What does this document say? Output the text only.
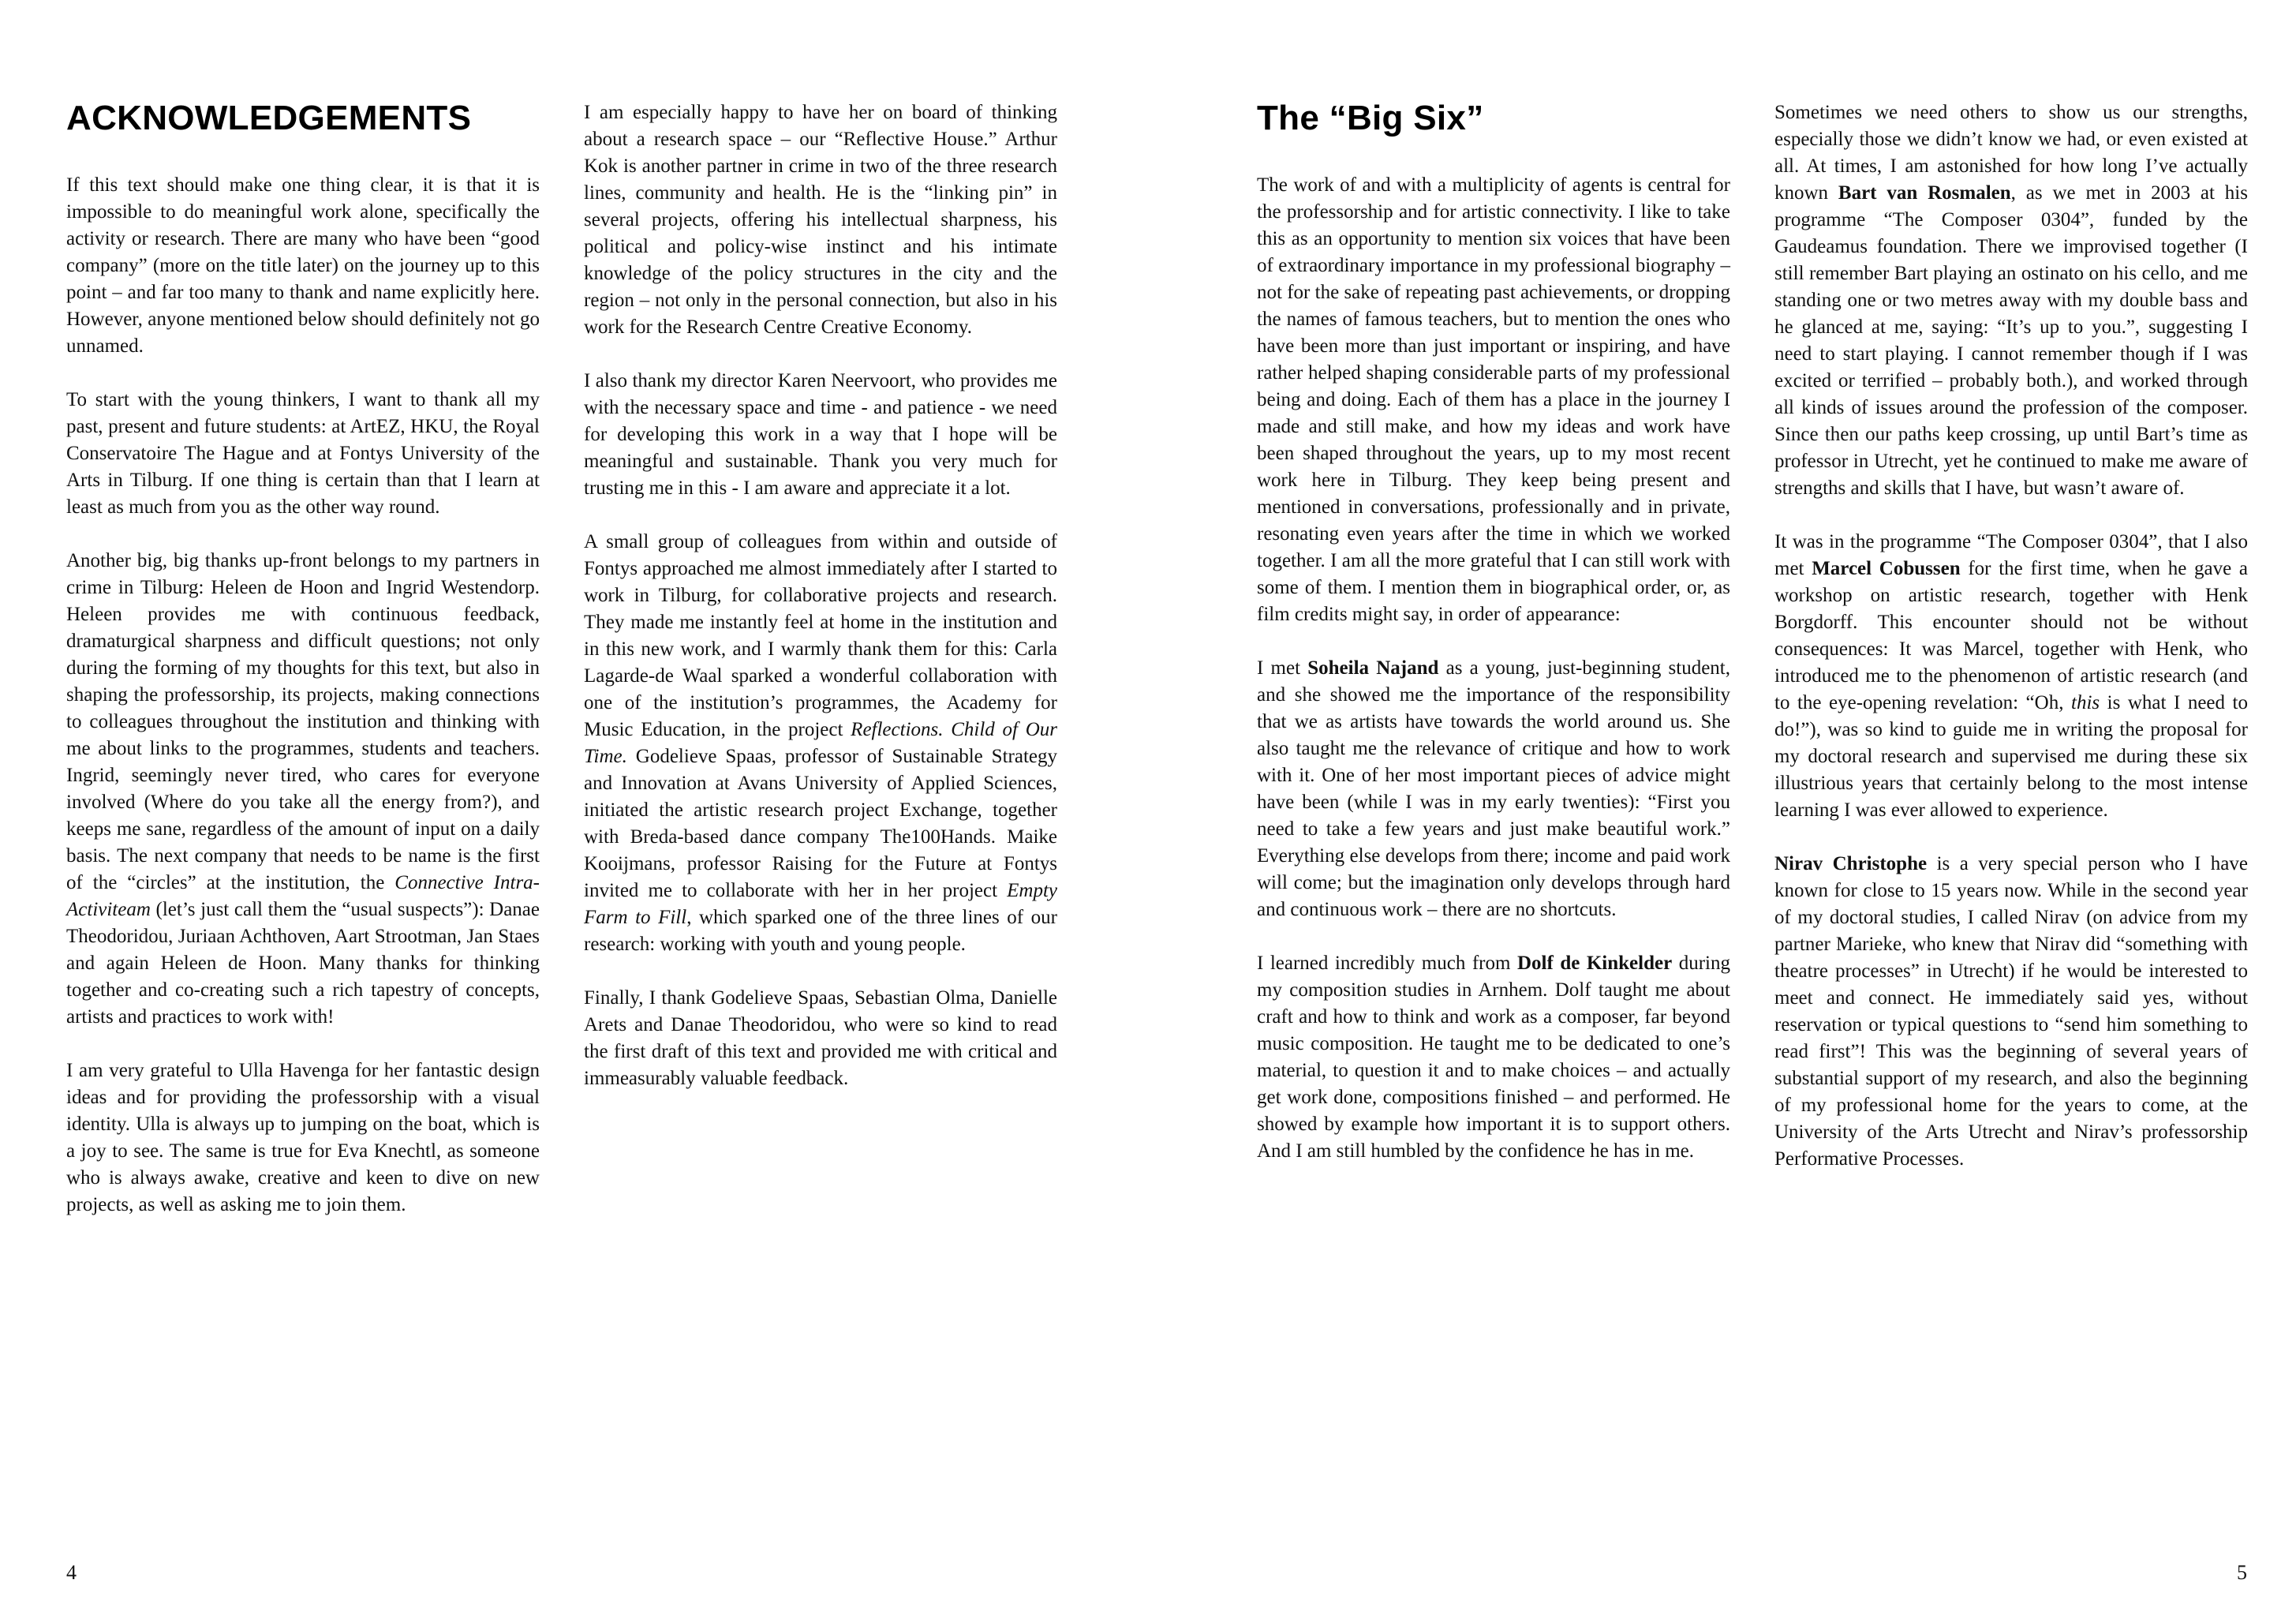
ACKNOWLEDGEMENTS

If this text should make one thing clear, it is that it is impossible to do meaningful work alone, specifically the activity or research. There are many who have been “good company” (more on the title later) on the journey up to this point – and far too many to thank and name explicitly here. However, anyone mentioned below should definitely not go unnamed.

To start with the young thinkers, I want to thank all my past, present and future students: at ArtEZ, HKU, the Royal Conservatoire The Hague and at Fontys University of the Arts in Tilburg. If one thing is certain than that I learn at least as much from you as the other way round.

Another big, big thanks up-front belongs to my partners in crime in Tilburg: Heleen de Hoon and Ingrid Westendorp. Heleen provides me with continuous feedback, dramaturgical sharpness and difficult questions; not only during the forming of my thoughts for this text, but also in shaping the professorship, its projects, making connections to colleagues throughout the institution and thinking with me about links to the programmes, students and teachers. Ingrid, seemingly never tired, who cares for everyone involved (Where do you take all the energy from?), and keeps me sane, regardless of the amount of input on a daily basis. The next company that needs to be name is the first of the “circles” at the institution, the Connective Intra-Activiteam (let’s just call them the “usual suspects”): Danae Theodoridou, Juriaan Achthoven, Aart Strootman, Jan Staes and again Heleen de Hoon. Many thanks for thinking together and co-creating such a rich tapestry of concepts, artists and practices to work with!

I am very grateful to Ulla Havenga for her fantastic design ideas and for providing the professorship with a visual identity. Ulla is always up to jumping on the boat, which is a joy to see. The same is true for Eva Knechtl, as someone who is always awake, creative and keen to dive on new projects, as well as asking me to join them.

I am especially happy to have her on board of thinking about a research space – our “Reflective House.” Arthur Kok is another partner in crime in two of the three research lines, community and health. He is the “linking pin” in several projects, offering his intellectual sharpness, his political and policy-wise instinct and his intimate knowledge of the policy structures in the city and the region – not only in the personal connection, but also in his work for the Research Centre Creative Economy.

I also thank my director Karen Neervoort, who provides me with the necessary space and time - and patience - we need for developing this work in a way that I hope will be meaningful and sustainable. Thank you very much for trusting me in this - I am aware and appreciate it a lot.

A small group of colleagues from within and outside of Fontys approached me almost immediately after I started to work in Tilburg, for collaborative projects and research. They made me instantly feel at home in the institution and in this new work, and I warmly thank them for this: Carla Lagarde-de Waal sparked a wonderful collaboration with one of the institution’s programmes, the Academy for Music Education, in the project Reflections. Child of Our Time. Godelieve Spaas, professor of Sustainable Strategy and Innovation at Avans University of Applied Sciences, initiated the artistic research project Exchange, together with Breda-based dance company The100Hands. Maike Kooijmans, professor Raising for the Future at Fontys invited me to collaborate with her in her project Empty Farm to Fill, which sparked one of the three lines of our research: working with youth and young people.

Finally, I thank Godelieve Spaas, Sebastian Olma, Danielle Arets and Danae Theodoridou, who were so kind to read the first draft of this text and provided me with critical and immeasurably valuable feedback.

4
The “Big Six”

The work of and with a multiplicity of agents is central for the professorship and for artistic connectivity. I like to take this as an opportunity to mention six voices that have been of extraordinary importance in my professional biography – not for the sake of repeating past achievements, or dropping the names of famous teachers, but to mention the ones who have been more than just important or inspiring, and have rather helped shaping considerable parts of my professional being and doing. Each of them has a place in the journey I made and still make, and how my ideas and work have been shaped throughout the years, up to my most recent work here in Tilburg. They keep being present and mentioned in conversations, professionally and in private, resonating even years after the time in which we worked together. I am all the more grateful that I can still work with some of them. I mention them in biographical order, or, as film credits might say, in order of appearance:

I met Soheila Najand as a young, just-beginning student, and she showed me the importance of the responsibility that we as artists have towards the world around us. She also taught me the relevance of critique and how to work with it. One of her most important pieces of advice might have been (while I was in my early twenties): “First you need to take a few years and just make beautiful work.” Everything else develops from there; income and paid work will come; but the imagination only develops through hard and continuous work – there are no shortcuts.

I learned incredibly much from Dolf de Kinkelder during my composition studies in Arnhem. Dolf taught me about craft and how to think and work as a composer, far beyond music composition. He taught me to be dedicated to one’s material, to question it and to make choices – and actually get work done, compositions finished – and performed. He showed by example how important it is to support others. And I am still humbled by the confidence he has in me.

Sometimes we need others to show us our strengths, especially those we didn’t know we had, or even existed at all. At times, I am astonished for how long I’ve actually known Bart van Rosmalen, as we met in 2003 at his programme “The Composer 0304”, funded by the Gaudeamus foundation. There we improvised together (I still remember Bart playing an ostinato on his cello, and me standing one or two metres away with my double bass and he glanced at me, saying: “It’s up to you.”, suggesting I need to start playing. I cannot remember though if I was excited or terrified – probably both.), and worked through all kinds of issues around the profession of the composer. Since then our paths keep crossing, up until Bart’s time as professor in Utrecht, yet he continued to make me aware of strengths and skills that I have, but wasn’t aware of.

It was in the programme “The Composer 0304”, that I also met Marcel Cobussen for the first time, when he gave a workshop on artistic research, together with Henk Borgdorff. This encounter should not be without consequences: It was Marcel, together with Henk, who introduced me to the phenomenon of artistic research (and to the eye-opening revelation: “Oh, this is what I need to do!”), was so kind to guide me in writing the proposal for my doctoral research and supervised me during these six illustrious years that certainly belong to the most intense learning I was ever allowed to experience.

Nirav Christophe is a very special person who I have known for close to 15 years now. While in the second year of my doctoral studies, I called Nirav (on advice from my partner Marieke, who knew that Nirav did “something with theatre processes” in Utrecht) if he would be interested to meet and connect. He immediately said yes, without reservation or typical questions to “send him something to read first”! This was the beginning of several years of substantial support of my research, and also the beginning of my professional home for the years to come, at the University of the Arts Utrecht and Nirav’s professorship Performative Processes.

5
